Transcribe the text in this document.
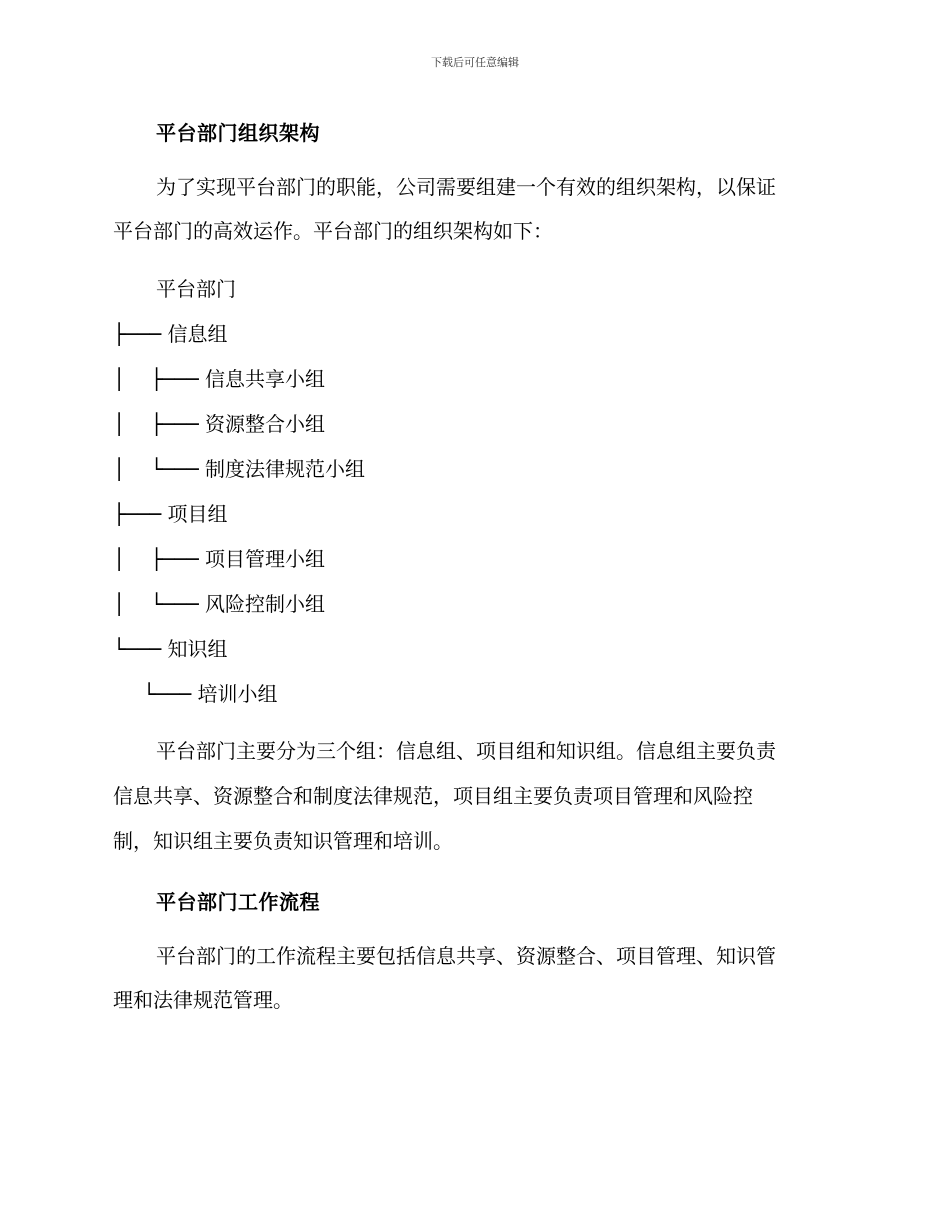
下载后可任意编辑
平台部门组织架构
为了实现平台部门的职能，公司需要组建一个有效的组织架构，以保证
平台部门的高效运作。平台部门的组织架构如下：
平台部门
├─── 信息组
│    ├─── 信息共享小组
│    ├─── 资源整合小组
│    └─── 制度法律规范小组
├─── 项目组
│    ├─── 项目管理小组
│    └─── 风险控制小组
└─── 知识组
└─── 培训小组
平台部门主要分为三个组：信息组、项目组和知识组。信息组主要负责
信息共享、资源整合和制度法律规范，项目组主要负责项目管理和风险控
制，知识组主要负责知识管理和培训。
平台部门工作流程
平台部门的工作流程主要包括信息共享、资源整合、项目管理、知识管
理和法律规范管理。
